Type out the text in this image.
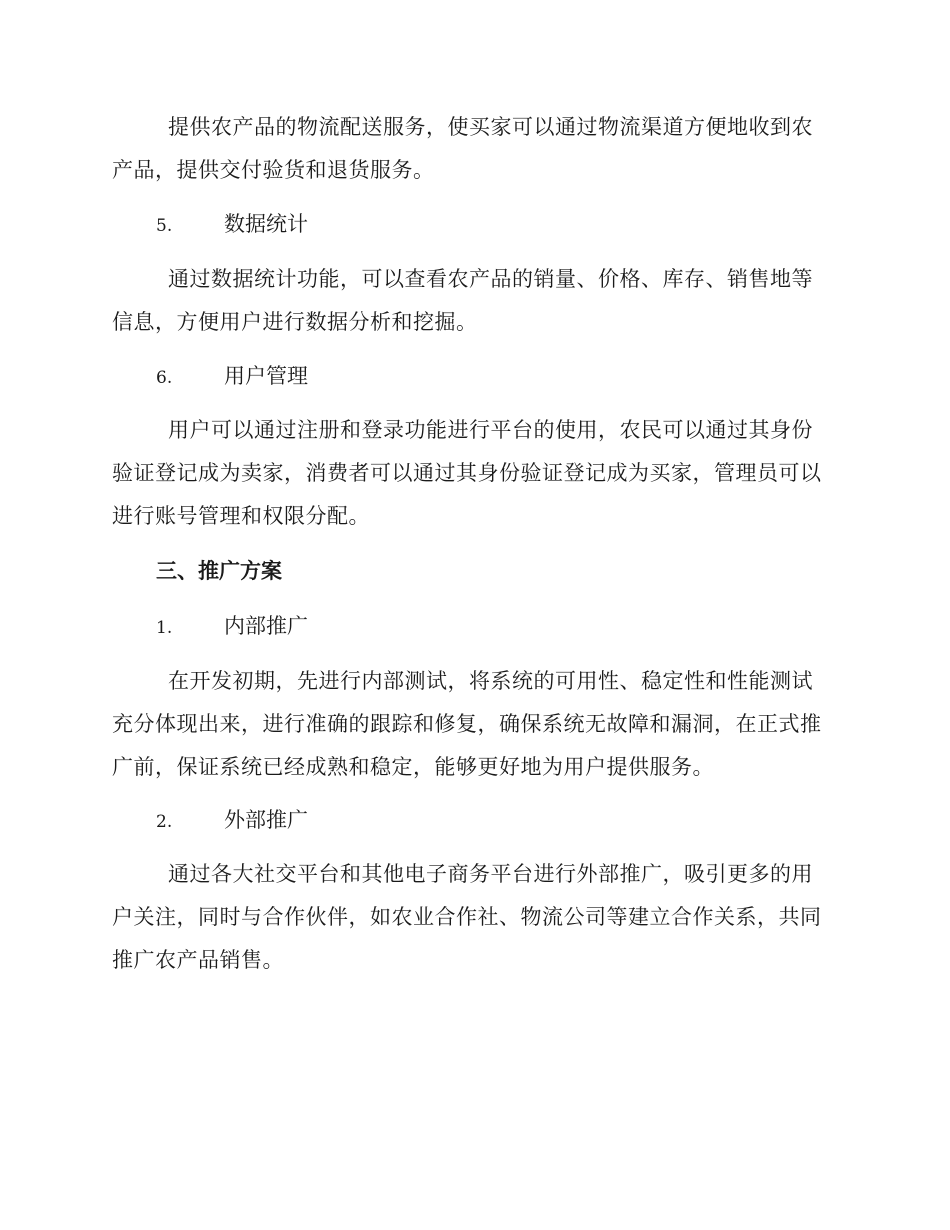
提供农产品的物流配送服务，使买家可以通过物流渠道方便地收到农产品，提供交付验货和退货服务。

5. 数据统计

通过数据统计功能，可以查看农产品的销量、价格、库存、销售地等信息，方便用户进行数据分析和挖掘。

6. 用户管理

用户可以通过注册和登录功能进行平台的使用，农民可以通过其身份验证登记成为卖家，消费者可以通过其身份验证登记成为买家，管理员可以进行账号管理和权限分配。

三、推广方案
1. 内部推广

在开发初期，先进行内部测试，将系统的可用性、稳定性和性能测试充分体现出来，进行准确的跟踪和修复，确保系统无故障和漏洞，在正式推广前，保证系统已经成熟和稳定，能够更好地为用户提供服务。

2. 外部推广

通过各大社交平台和其他电子商务平台进行外部推广，吸引更多的用户关注，同时与合作伙伴，如农业合作社、物流公司等建立合作关系，共同推广农产品销售。
